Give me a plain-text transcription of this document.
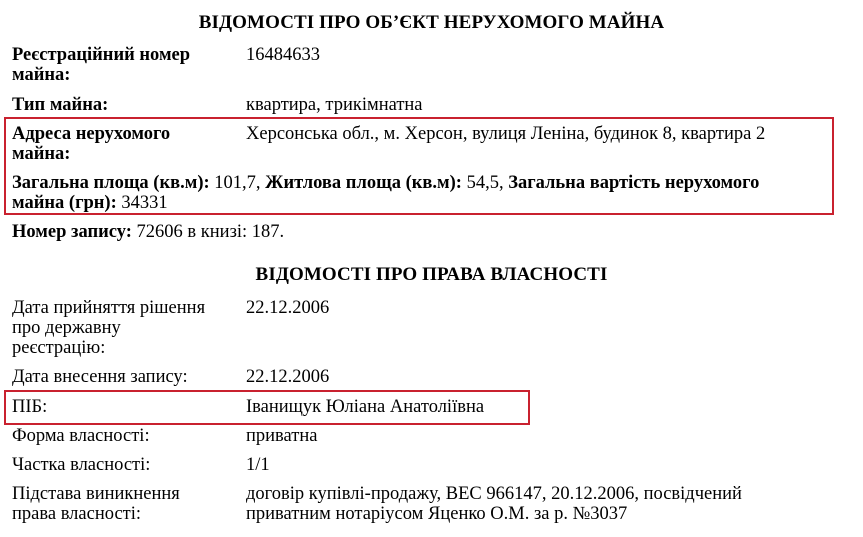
ВІДОМОСТІ ПРО ОБ’ЄКТ НЕРУХОМОГО МАЙНА
Реєстраційний номер
майна:
16484633
Тип майна:	квартира, трикімнатна
Адреса нерухомого
майна:
Херсонська обл., м. Херсон, вулиця Леніна, будинок 8, квартира 2
Загальна площа (кв.м): 101,7, Житлова площа (кв.м): 54,5, Загальна вартість нерухомого
майна (грн): 34331
Номер запису: 72606 в книзі: 187.
ВІДОМОСТІ ПРО ПРАВА ВЛАСНОСТІ
Дата прийняття рішення
про державну
реєстрацію:
22.12.2006
Дата внесення запису:	22.12.2006
ПІБ:	Іванищук Юліана Анатоліївна
Форма власності:	приватна
Частка власності:	1/1
Підстава виникнення
права власності:
договір купівлі-продажу, ВЕС 966147, 20.12.2006, посвідчений
приватним нотаріусом Яценко О.М. за р. №3037
